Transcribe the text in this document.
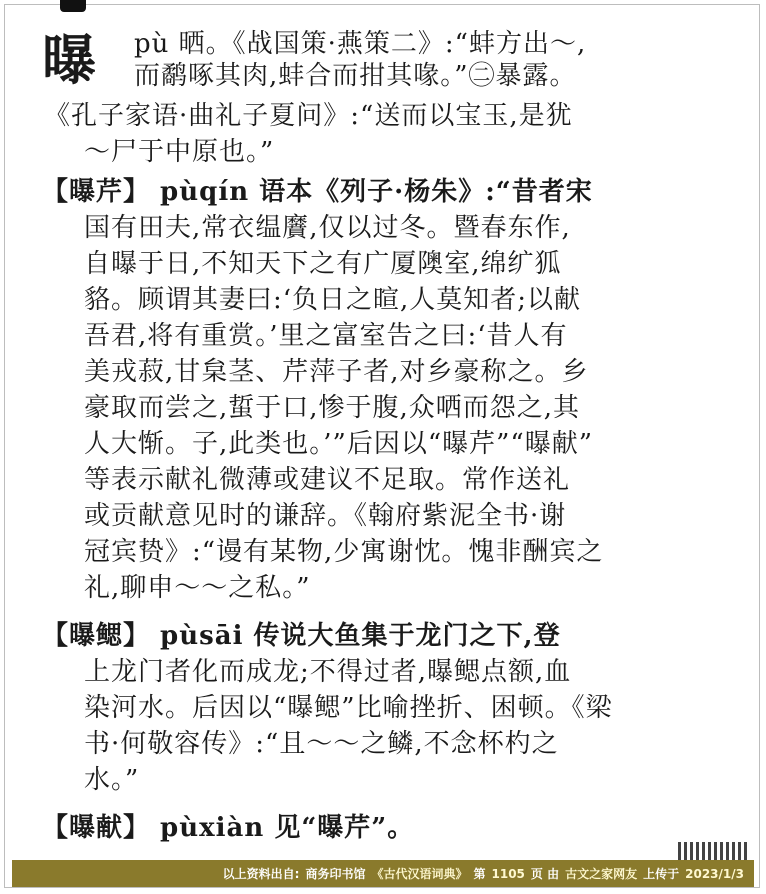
曝 pù 晒。《战国策·燕策二》:“蚌方出～,
而鹬啄其肉,蚌合而拑其喙。”㊁暴露。
《孔子家语·曲礼子夏问》:“送而以宝玉,是犹
～尸于中原也。”
【曝芹】 pùqín 语本《列子·杨朱》:“昔者宋
国有田夫,常衣缊黂,仅以过冬。暨春东作,
自曝于日,不知天下之有广厦隩室,绵纩狐
貉。顾谓其妻曰:‘负日之暄,人莫知者;以献
吾君,将有重赏。’里之富室告之曰:‘昔人有
美戎菽,甘枲茎、芹萍子者,对乡豪称之。乡
豪取而尝之,蜇于口,惨于腹,众哂而怨之,其
人大惭。子,此类也。’”后因以“曝芹”“曝献”
等表示献礼微薄或建议不足取。常作送礼
或贡献意见时的谦辞。《翰府紫泥全书·谢
冠宾贽》:“谩有某物,少寓谢忱。愧非酬宾之
礼,聊申～～之私。”
【曝鳃】 pùsāi 传说大鱼集于龙门之下,登
上龙门者化而成龙;不得过者,曝鳃点额,血
染河水。后因以“曝鳃”比喻挫折、困顿。《梁
书·何敬容传》:“且～～之鳞,不念杯杓之
水。”
【曝献】 pùxiàn 见“曝芹”。
以上资料出自: 商务印书馆 《古代汉语词典》 第 1105 页 由 古文之家网友 上传于 2023/1/3
